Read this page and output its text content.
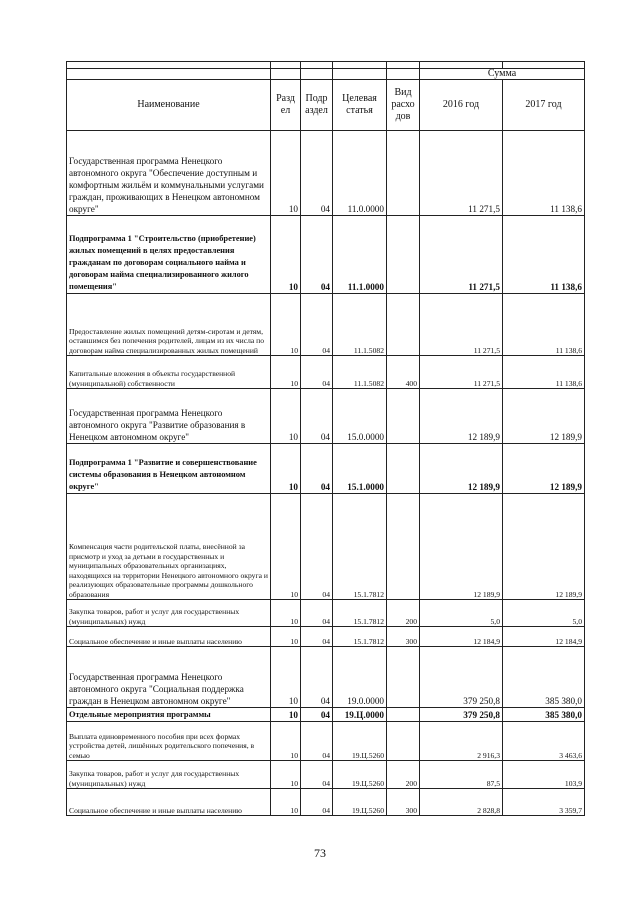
					Сумма	
Наименование	Разд ел	Подр аздел	Целевая статья	Вид расхо дов	2016 год	2017 год
Государственная программа Ненецкого автономного округа "Обеспечение доступным и комфортным жильём и коммунальными услугами граждан, проживающих в Ненецком автономном округе"	10	04	11.0.0000		11 271,5	11 138,6
Подпрограмма 1 "Строительство (приобретение) жилых помещений в целях предоставления гражданам по договорам социального найма и договорам найма специализированного жилого помещения"	10	04	11.1.0000		11 271,5	11 138,6
Предоставление жилых помещений детям-сиротам и детям, оставшимся без попечения родителей, лицам из их числа по договорам найма специализированных жилых помещений	10	04	11.1.5082		11 271,5	11 138,6
Капитальные вложения в объекты государственной (муниципальной) собственности	10	04	11.1.5082	400	11 271,5	11 138,6
Государственная программа Ненецкого автономного округа "Развитие образования в Ненецком автономном округе"	10	04	15.0.0000		12 189,9	12 189,9
Подпрограмма 1 "Развитие и совершенствование системы образования в Ненецком автономном округе"	10	04	15.1.0000		12 189,9	12 189,9
Компенсация части родительской платы, внесённой за присмотр и уход за детьми в государственных и муниципальных образовательных организациях, находящихся на территории Ненецкого автономного округа и реализующих образовательные программы дошкольного образования	10	04	15.1.7812		12 189,9	12 189,9
Закупка товаров, работ и услуг для государственных (муниципальных) нужд	10	04	15.1.7812	200	5,0	5,0
Социальное обеспечение и иные выплаты населению	10	04	15.1.7812	300	12 184,9	12 184,9
Государственная программа Ненецкого автономного округа "Социальная поддержка граждан в Ненецком автономном округе"	10	04	19.0.0000		379 250,8	385 380,0
Отдельные мероприятия программы	10	04	19.Ц.0000		379 250,8	385 380,0
Выплата единовременного пособия при всех формах устройства детей, лишённых родительского попечения, в семью	10	04	19.Ц.5260		2 916,3	3 463,6
Закупка товаров, работ и услуг для государственных (муниципальных) нужд	10	04	19.Ц.5260	200	87,5	103,9
Социальное обеспечение и иные выплаты населению	10	04	19.Ц.5260	300	2 828,8	3 359,7
73
